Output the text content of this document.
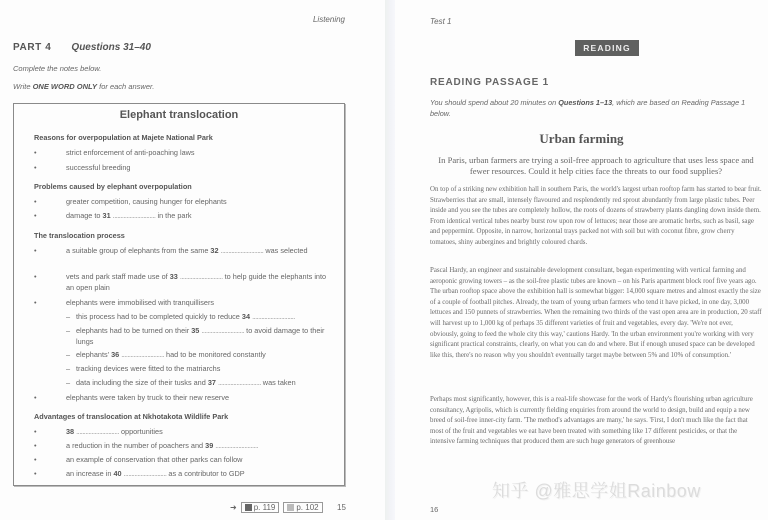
Listening
PART 4 Questions 31–40
Complete the notes below.
Write ONE WORD ONLY for each answer.
Elephant translocation
Reasons for overpopulation at Majete National Park
•	strict enforcement of anti-poaching laws
•	successful breeding
Problems caused by elephant overpopulation
•	greater competition, causing hunger for elephants
•	damage to 31 ............................ in the park
The translocation process
•	a suitable group of elephants from the same 32 ............................ was selected
•	vets and park staff made use of 33 ............................ to help guide the elephants into an open plain
•	elephants were immobilised with tranquillisers
– this process had to be completed quickly to reduce 34 ............................
– elephants had to be turned on their 35 ............................ to avoid damage to their lungs
– elephants' 36 ............................ had to be monitored constantly
– tracking devices were fitted to the matriarchs
– data including the size of their tusks and 37 ............................ was taken
•	elephants were taken by truck to their new reserve
Advantages of translocation at Nkhotakota Wildlife Park
•	38 ............................ opportunities
•	a reduction in the number of poachers and 39 ............................
•	an example of conservation that other parks can follow
•	an increase in 40 ............................ as a contributor to GDP
➜ p. 119	p. 102 15
Test 1
READING
READING PASSAGE 1
You should spend about 20 minutes on Questions 1–13, which are based on Reading Passage 1 below.
Urban farming
In Paris, urban farmers are trying a soil-free approach to agriculture that uses less space and fewer resources. Could it help cities face the threats to our food supplies?
On top of a striking new exhibition hall in southern Paris, the world's largest urban rooftop farm has started to bear fruit. Strawberries that are small, intensely flavoured and resplendently red sprout abundantly from large plastic tubes. Peer inside and you see the tubes are completely hollow, the roots of dozens of strawberry plants dangling down inside them. From identical vertical tubes nearby burst row upon row of lettuces; near those are aromatic herbs, such as basil, sage and peppermint. Opposite, in narrow, horizontal trays packed not with soil but with coconut fibre, grow cherry tomatoes, shiny aubergines and brightly coloured chards.
Pascal Hardy, an engineer and sustainable development consultant, began experimenting with vertical farming and aeroponic growing towers – as the soil-free plastic tubes are known – on his Paris apartment block roof five years ago. The urban rooftop space above the exhibition hall is somewhat bigger: 14,000 square metres and almost exactly the size of a couple of football pitches. Already, the team of young urban farmers who tend it have picked, in one day, 3,000 lettuces and 150 punnets of strawberries. When the remaining two thirds of the vast open area are in production, 20 staff will harvest up to 1,000 kg of perhaps 35 different varieties of fruit and vegetables, every day. 'We're not ever, obviously, going to feed the whole city this way,' cautions Hardy. 'In the urban environment you're working with very significant practical constraints, clearly, on what you can do and where. But if enough unused space can be developed like this, there's no reason why you shouldn't eventually target maybe between 5% and 10% of consumption.'
Perhaps most significantly, however, this is a real-life showcase for the work of Hardy's flourishing urban agriculture consultancy, Agripolis, which is currently fielding enquiries from around the world to design, build and equip a new breed of soil-free inner-city farm. 'The method's advantages are many,' he says. 'First, I don't much like the fact that most of the fruit and vegetables we eat have been treated with something like 17 different pesticides, or that the intensive farming techniques that produced them are such huge generators of greenhouse
知乎 @雅思学姐Rainbow
16
